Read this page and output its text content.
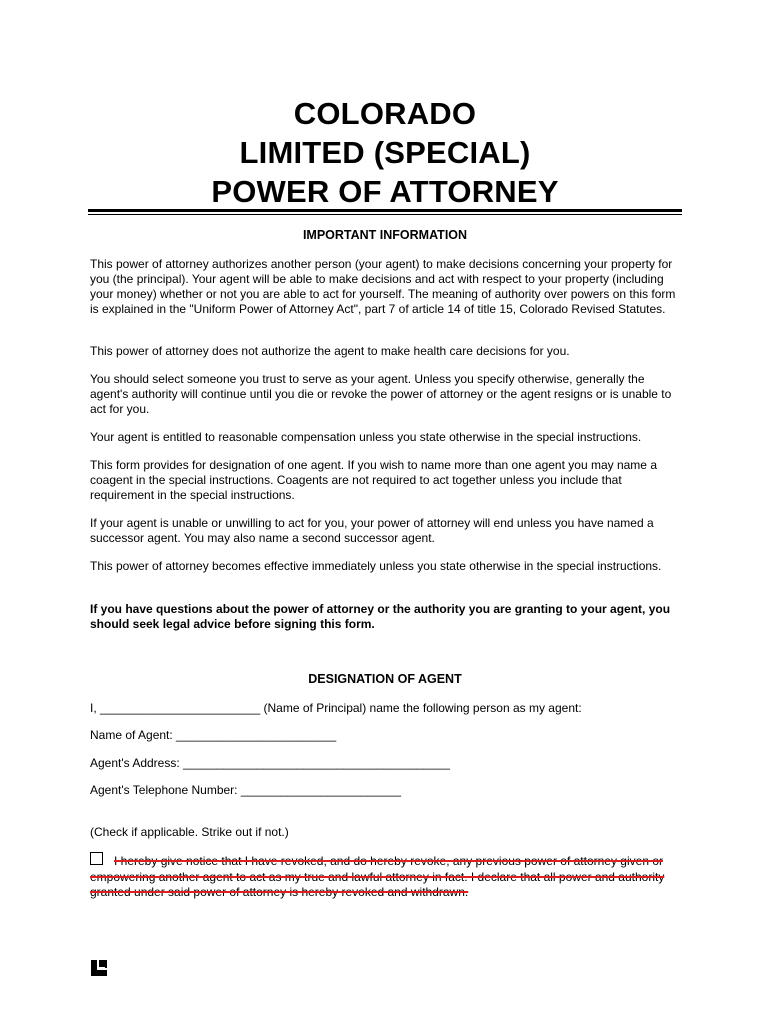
COLORADO
LIMITED (SPECIAL)
POWER OF ATTORNEY
IMPORTANT INFORMATION

This power of attorney authorizes another person (your agent) to make decisions concerning your property for you (the principal). Your agent will be able to make decisions and act with respect to your property (including your money) whether or not you are able to act for yourself. The meaning of authority over powers on this form is explained in the "Uniform Power of Attorney Act", part 7 of article 14 of title 15, Colorado Revised Statutes.

This power of attorney does not authorize the agent to make health care decisions for you.

You should select someone you trust to serve as your agent. Unless you specify otherwise, generally the agent's authority will continue until you die or revoke the power of attorney or the agent resigns or is unable to act for you.

Your agent is entitled to reasonable compensation unless you state otherwise in the special instructions.

This form provides for designation of one agent. If you wish to name more than one agent you may name a coagent in the special instructions. Coagents are not required to act together unless you include that requirement in the special instructions.

If your agent is unable or unwilling to act for you, your power of attorney will end unless you have named a successor agent. You may also name a second successor agent.

This power of attorney becomes effective immediately unless you state otherwise in the special instructions.

If you have questions about the power of attorney or the authority you are granting to your agent, you should seek legal advice before signing this form.

DESIGNATION OF AGENT
I, ________________________ (Name of Principal) name the following person as my agent:
Name of Agent: ________________________
Agent's Address: ________________________________________
Agent's Telephone Number: ________________________
(Check if applicable. Strike out if not.)

I hereby give notice that I have revoked, and do hereby revoke, any previous power of attorney given or empowering another agent to act as my true and lawful attorney in fact. I declare that all power and authority granted under said power of attorney is hereby revoked and withdrawn.
